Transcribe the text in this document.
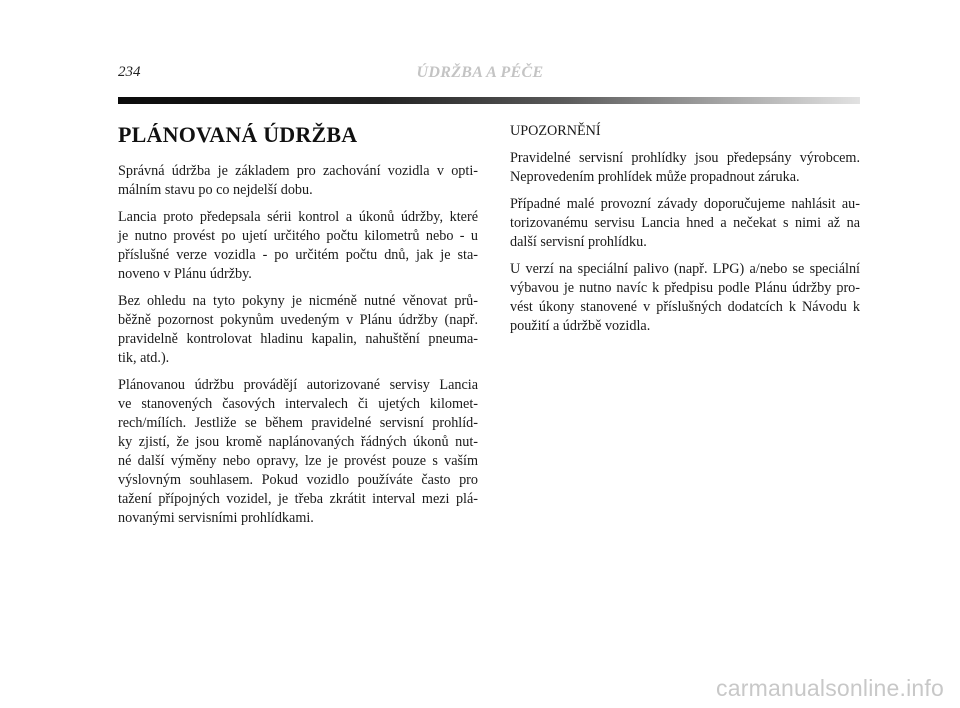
234	ÚDRŽBA A PÉČE
PLÁNOVANÁ ÚDRŽBA

Správná údržba je základem pro zachování vozidla v opti-
málním stavu po co nejdelší dobu.

Lancia proto předepsala sérii kontrol a úkonů údržby, které
je nutno provést po ujetí určitého počtu kilometrů nebo - u
příslušné verze vozidla - po určitém počtu dnů, jak je sta-
noveno v Plánu údržby.

Bez ohledu na tyto pokyny je nicméně nutné věnovat prů-
běžně pozornost pokynům uvedeným v Plánu údržby (např.
pravidelně kontrolovat hladinu kapalin, nahuštění pneuma-
tik, atd.).

Plánovanou údržbu provádějí autorizované servisy Lancia
ve stanovených časových intervalech či ujetých kilomet-
rech/mílích. Jestliže se během pravidelné servisní prohlíd-
ky zjistí, že jsou kromě naplánovaných řádných úkonů nut-
né další výměny nebo opravy, lze je provést pouze s vaším
výslovným souhlasem. Pokud vozidlo používáte často pro
tažení přípojných vozidel, je třeba zkrátit interval mezi plá-
novanými servisními prohlídkami.

UPOZORNĚNÍ

Pravidelné servisní prohlídky jsou předepsány výrobcem.
Neprovedením prohlídek může propadnout záruka.

Případné malé provozní závady doporučujeme nahlásit au-
torizovanému servisu Lancia hned a nečekat s nimi až na
další servisní prohlídku.

U verzí na speciální palivo (např. LPG) a/nebo se speciální
výbavou je nutno navíc k předpisu podle Plánu údržby pro-
vést úkony stanovené v příslušných dodatcích k Návodu k
použití a údržbě vozidla.

carmanualsonline.info
